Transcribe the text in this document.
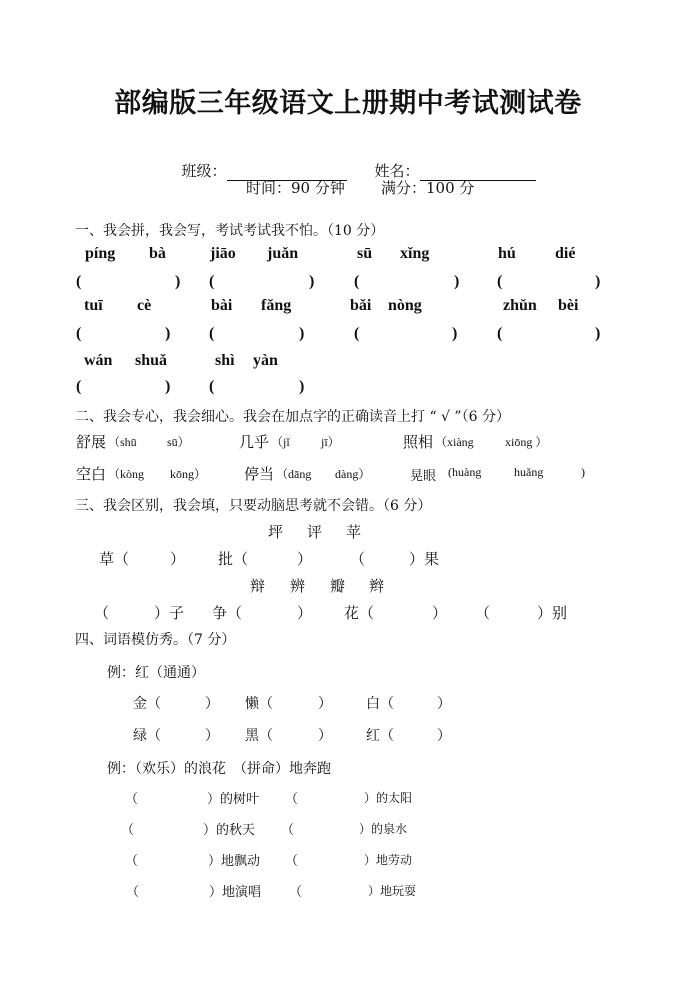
部编版三年级语文上册期中考试测试卷

班级：	姓名：

时间：90 分钟 满分：100 分
一、我会拼，我会写，考试考试我不怕。（10 分）
píng bà	jiāo juǎn	sū xǐng	hú dié
(	) (	) (	) (	)
tuī cè	bài fǎng	bǎi nòng	zhǔn bèi
(	) (	)	(	) (	)
wán shuǎ	shì yàn
(	) (	)
二、我会专心，我会细心。我会在加点字的正确读音上打 “ √ ”（6 分）
舒展 （shū	sū）	几乎 （jǐ	jī）	照相 （xiàng	xiōng ）
空白 （kòng kōng）	停当 （dāng dàng）	晃眼 (huàng	huǎng	)
三、我会区别，我会填，只要动脑思考就不会错。（6 分）
坪 评 苹
草（	） 批（	）	（	）果
辩 辨 瓣 辫
（	）子 争（	） 花（	） （	）别
四、词语模仿秀。（7 分）
例：红（通通）
金（	） 懒（	） 白（	）
绿（	） 黑（	） 红（	）
例：（欢乐）的浪花　（拼命）地奔跑
（	）的树叶 （	）的太阳
（	）的秋天 （	）的泉水
（	）地飘动 （	）地劳动
（	）地演唱 （	）地玩耍
